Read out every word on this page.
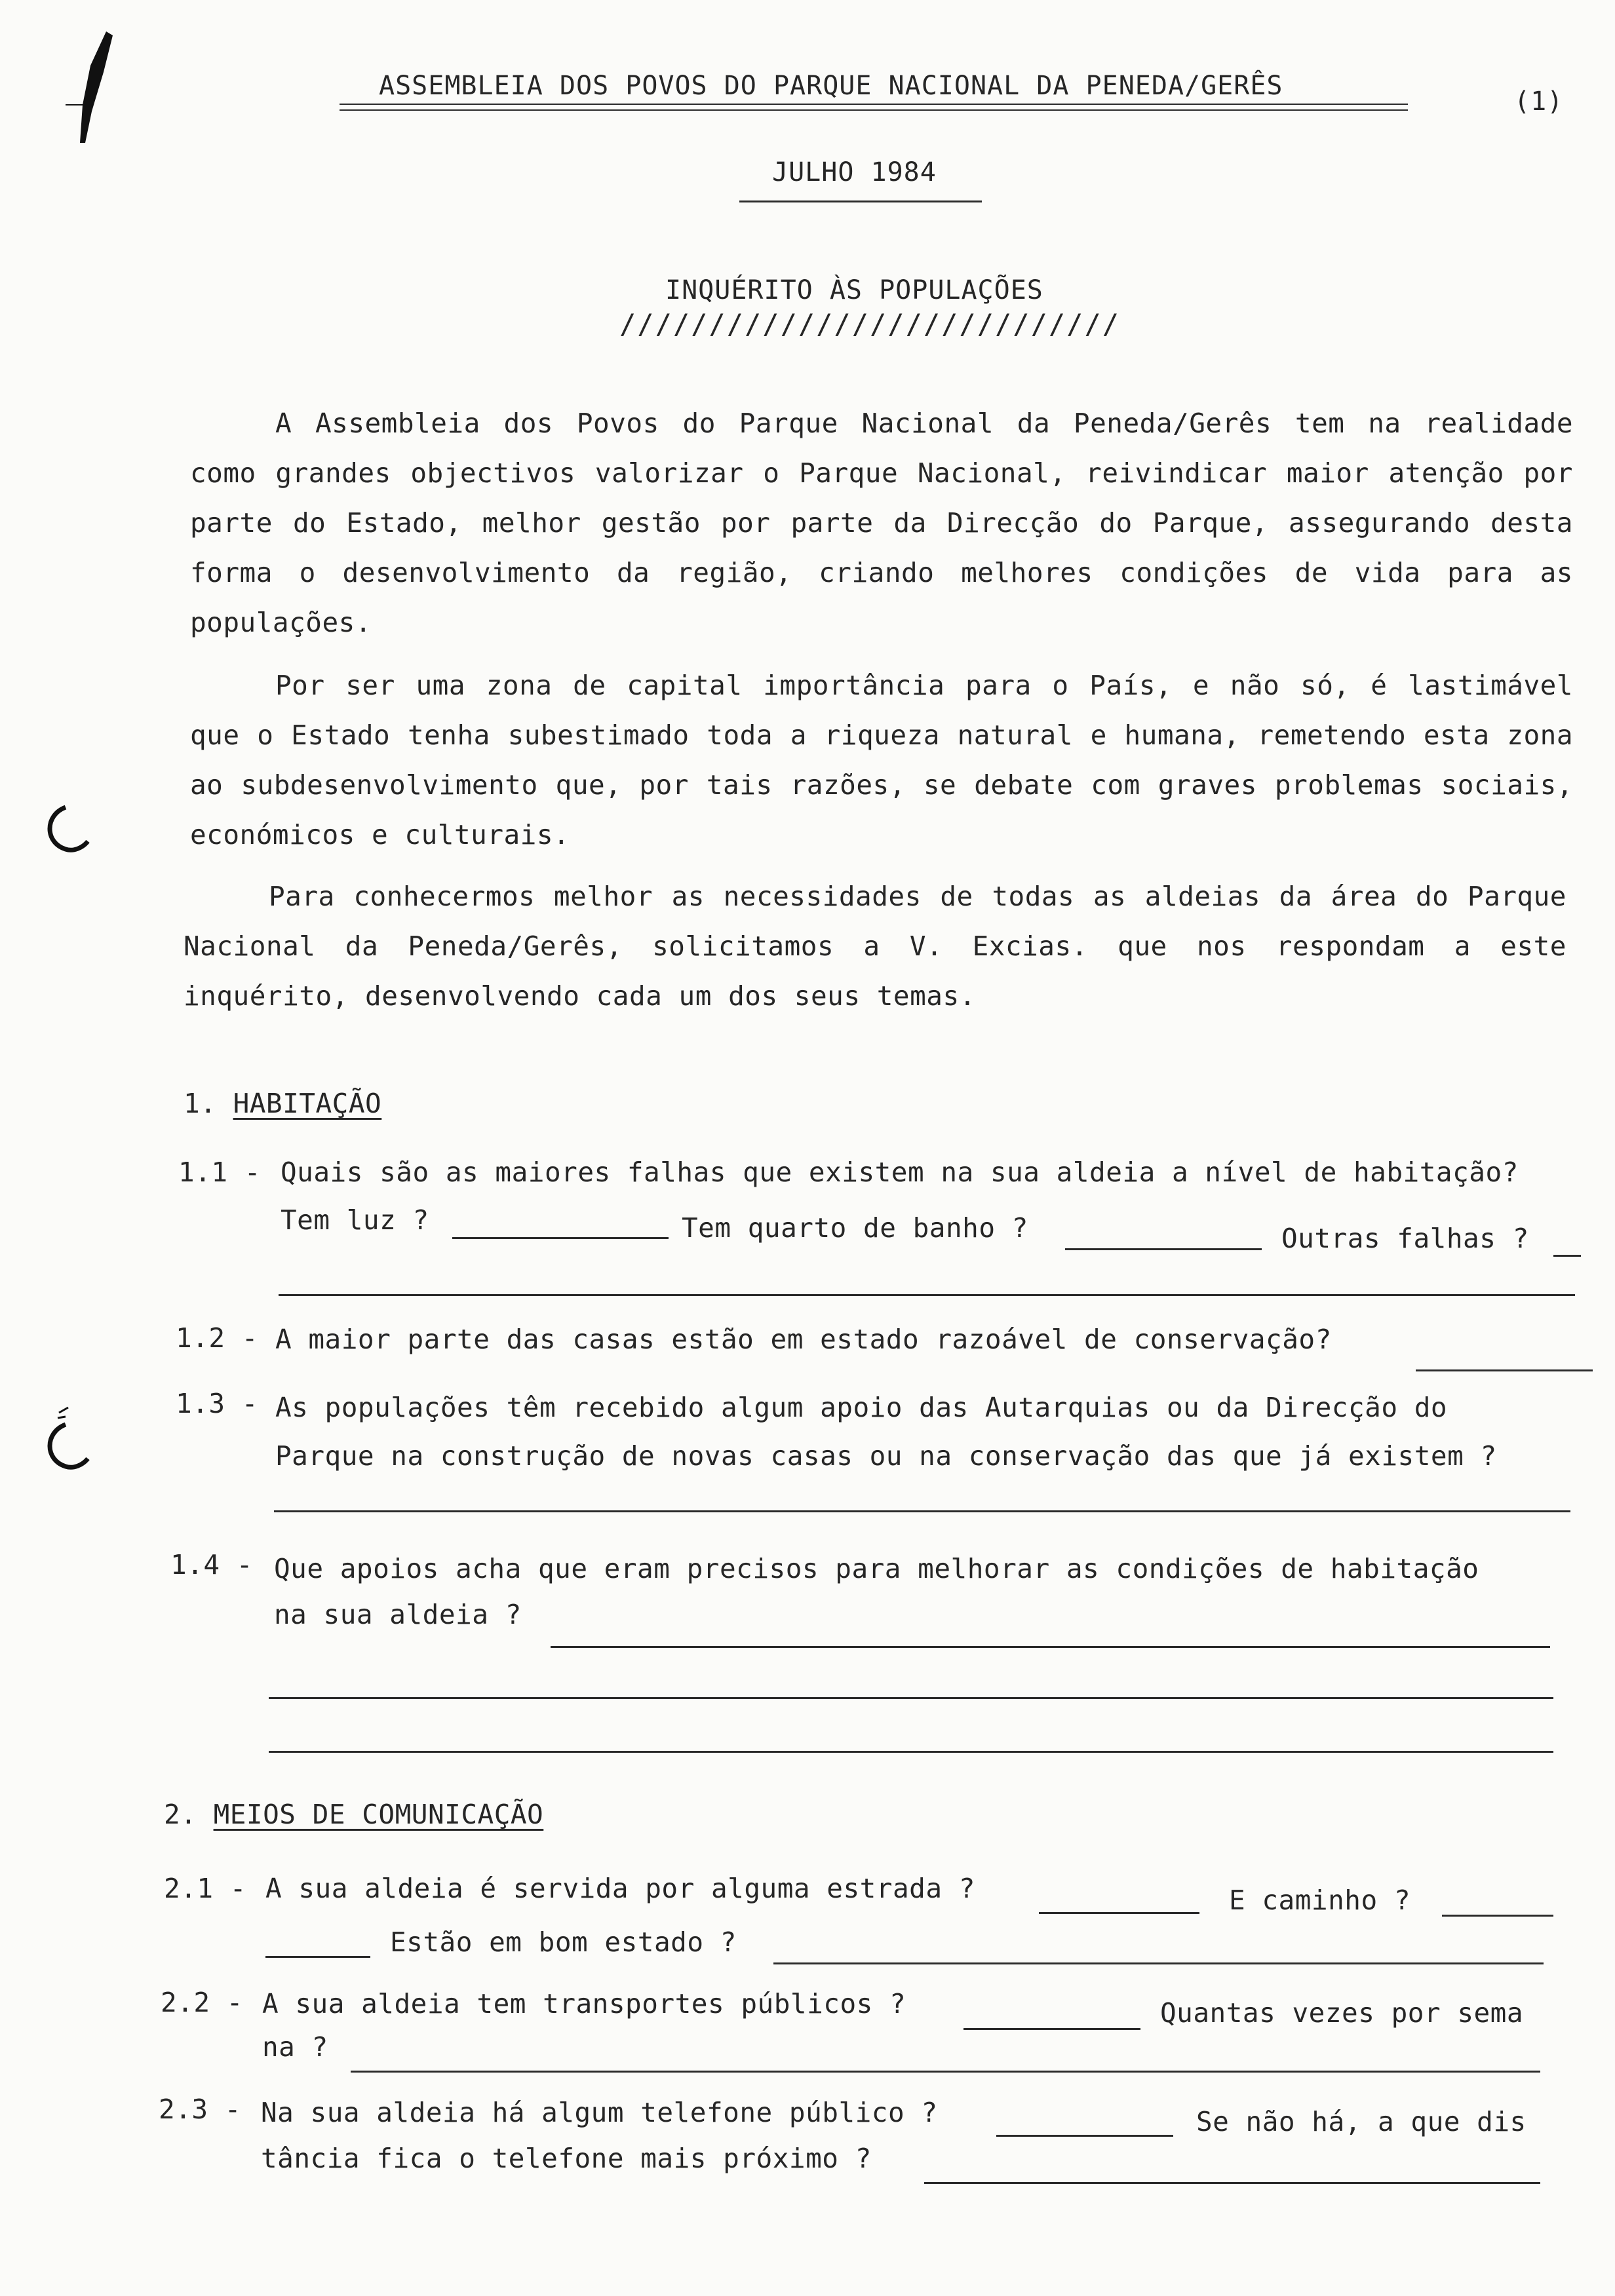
ASSEMBLEIA DOS POVOS DO PARQUE NACIONAL DA PENEDA/GERÊS
(1)
JULHO 1984
INQUÉRITO ÀS POPULAÇÕES
////////////////////////////
A Assembleia dos Povos do Parque Nacional da Peneda/Gerês tem na realidade como grandes objectivos valorizar o Parque Nacional, reivindicar maior atenção por parte do Estado, melhor gestão por parte da Direcção do Parque, assegurando desta forma o desenvolvimento da região, criando melhores condições de vida para as populações.
Por ser uma zona de capital importância para o País, e não só, é lastimável que o Estado tenha subestimado toda a riqueza natural e humana, remetendo esta zona ao subdesenvolvimento que, por tais razões, se debate com graves problemas sociais, económicos e culturais.
Para conhecermos melhor as necessidades de todas as aldeias da área do Parque Nacional da Peneda/Gerês, solicitamos a V. Excias. que nos respondam a este inquérito, desenvolvendo cada um dos seus temas.
1. HABITAÇÃO
1.1 - Quais são as maiores falhas que existem na sua aldeia a nível de habitação?
Tem luz ?	Tem quarto de banho ?	Outras falhas ?
1.2 - A maior parte das casas estão em estado razoável de conservação?
1.3 - As populações têm recebido algum apoio das Autarquias ou da Direcção do
Parque na construção de novas casas ou na conservação das que já existem ?
1.4 - Que apoios acha que eram precisos para melhorar as condições de habitação
na sua aldeia ?
2. MEIOS DE COMUNICAÇÃO
2.1 - A sua aldeia é servida por alguma estrada ?	E caminho ?
Estão em bom estado ?
2.2 - A sua aldeia tem transportes públicos ?	Quantas vezes por sema
na ?
2.3 - Na sua aldeia há algum telefone público ?	Se não há, a que dis
tância fica o telefone mais próximo ?
